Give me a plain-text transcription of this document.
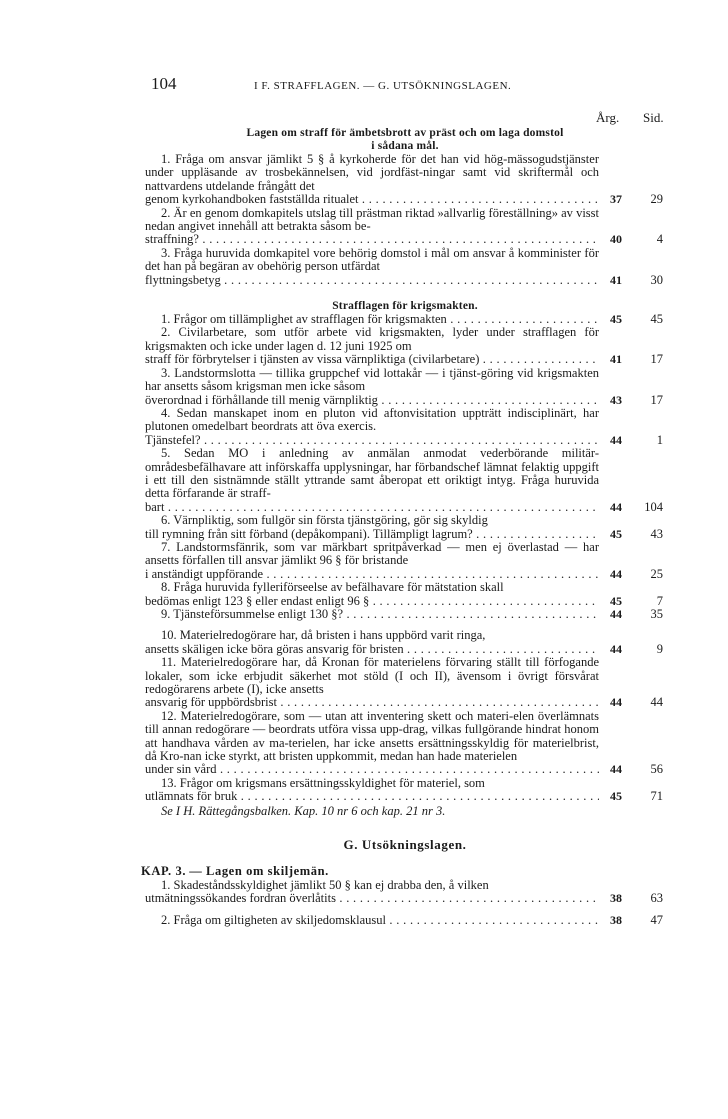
104	I F. STRAFFLAGEN. — G. UTSÖKNINGSLAGEN.
Årg. Sid.
Lagen om straff för ämbetsbrott av präst och om laga domstol
i sådana mål.
1. Fråga om ansvar jämlikt 5 § å kyrkoherde för det han vid hög-mässogudstjänster under uppläsande av trosbekännelsen, vid jordfäst-ningar samt vid skriftermål och nattvardens utdelande frångått det
genom kyrkohandboken fastställda ritualet . . .	37	29
2. Är en genom domkapitels utslag till prästman riktad »allvarlig föreställning» av visst nedan angivet innehåll att betrakta såsom be-
straffning? . . .	40	4
3. Fråga huruvida domkapitel vore behörig domstol i mål om ansvar å komminister för det han på begäran av obehörig person utfärdat
flyttningsbetyg . . .	41	30
Strafflagen för krigsmakten.
1. Frågor om tillämplighet av strafflagen för krigsmakten . . .	45	45
2. Civilarbetare, som utför arbete vid krigsmakten, lyder under strafflagen för krigsmakten och icke under lagen d. 12 juni 1925 om
straff för förbrytelser i tjänsten av vissa värnpliktiga (civilarbetare) . . .	41	17
3. Landstormslotta — tillika gruppchef vid lottakår — i tjänst-göring vid krigsmakten har ansetts såsom krigsman men icke såsom
överordnad i förhållande till menig värnpliktig . . .	43	17
4. Sedan manskapet inom en pluton vid aftonvisitation uppträtt indisciplinärt, har plutonen omedelbart beordrats att öva exercis.
Tjänstefel? . . .	44	1
5. Sedan MO i anledning av anmälan anmodat vederbörande militär-områdesbefälhavare att införskaffa upplysningar, har förbandschef lämnat felaktig uppgift i ett till den sistnämnde ställt yttrande samt åberopat ett oriktigt intyg. Fråga huruvida detta förfarande är straff-
bart . . .	44	104
6. Värnpliktig, som fullgör sin första tjänstgöring, gör sig skyldig
till rymning från sitt förband (depåkompani). Tillämpligt lagrum? . . .	45	43
7. Landstormsfänrik, som var märkbart spritpåverkad — men ej överlastad — har ansetts förfallen till ansvar jämlikt 96 § för bristande
i anständigt uppförande . . .	44	25
8. Fråga huruvida fylleriförseelse av befälhavare för mätstation skall
bedömas enligt 123 § eller endast enligt 96 § . . .	45	7
9. Tjänsteförsummelse enligt 130 §? . . .	44	35
10. Materielredogörare har, då bristen i hans uppbörd varit ringa,
ansetts skäligen icke böra göras ansvarig för bristen . . .	44	9
11. Materielredogörare har, då Kronan för materielens förvaring ställt till förfogande lokaler, som icke erbjudit säkerhet mot stöld (I och II), ävensom i övrigt försvårat redogörarens arbete (I), icke ansetts
ansvarig för uppbördsbrist . . .	44	44
12. Materielredogörare, som — utan att inventering skett och materi-elen överlämnats till annan redogörare — beordrats utföra vissa upp-drag, vilkas fullgörande hindrat honom att handhava vården av ma-terielen, har icke ansetts ersättningsskyldig för materielbrist, då Kro-nan icke styrkt, att bristen uppkommit, medan han hade materielen
under sin vård . . .	44	56
13. Frågor om krigsmans ersättningsskyldighet för materiel, som
utlämnats för bruk . . .	45	71
Se I H. Rättegångsbalken. Kap. 10 nr 6 och kap. 21 nr 3.
G. Utsökningslagen.
KAP. 3. — Lagen om skiljemän.
1. Skadeståndsskyldighet jämlikt 50 § kan ej drabba den, å vilken
utmätningssökandes fordran överlåtits . . .	38	63
2. Fråga om giltigheten av skiljedomsklausul . . .	38	47
